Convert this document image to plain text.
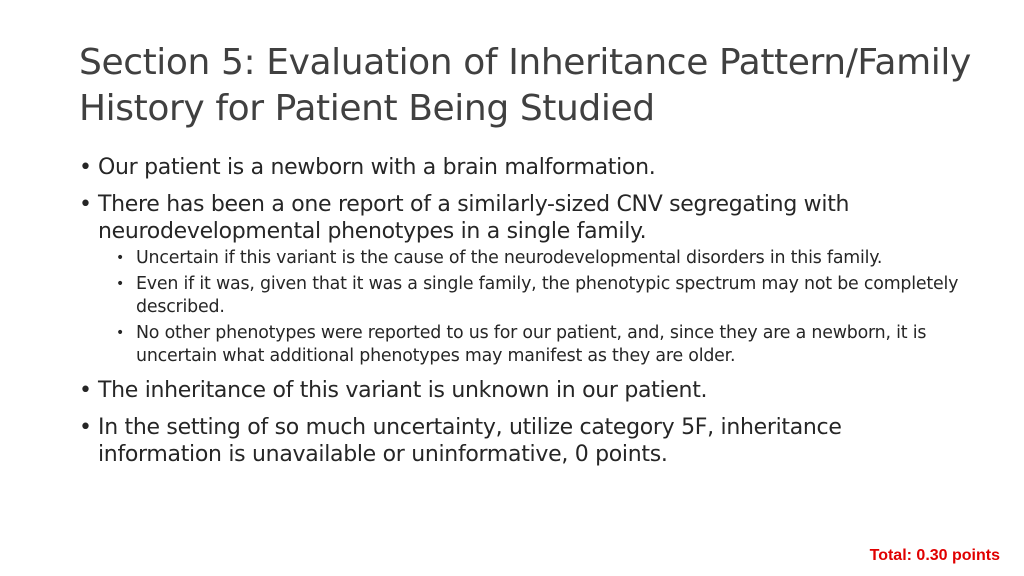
Section 5: Evaluation of Inheritance Pattern/Family
History for Patient Being Studied
• Our patient is a newborn with a brain malformation.
• There has been a one report of a similarly-sized CNV segregating with neurodevelopmental phenotypes in a single family.
• Uncertain if this variant is the cause of the neurodevelopmental disorders in this family.
• Even if it was, given that it was a single family, the phenotypic spectrum may not be completely described.
• No other phenotypes were reported to us for our patient, and, since they are a newborn, it is uncertain what additional phenotypes may manifest as they are older.
• The inheritance of this variant is unknown in our patient.
• In the setting of so much uncertainty, utilize category 5F, inheritance information is unavailable or uninformative, 0 points.
Total: 0.30 points
